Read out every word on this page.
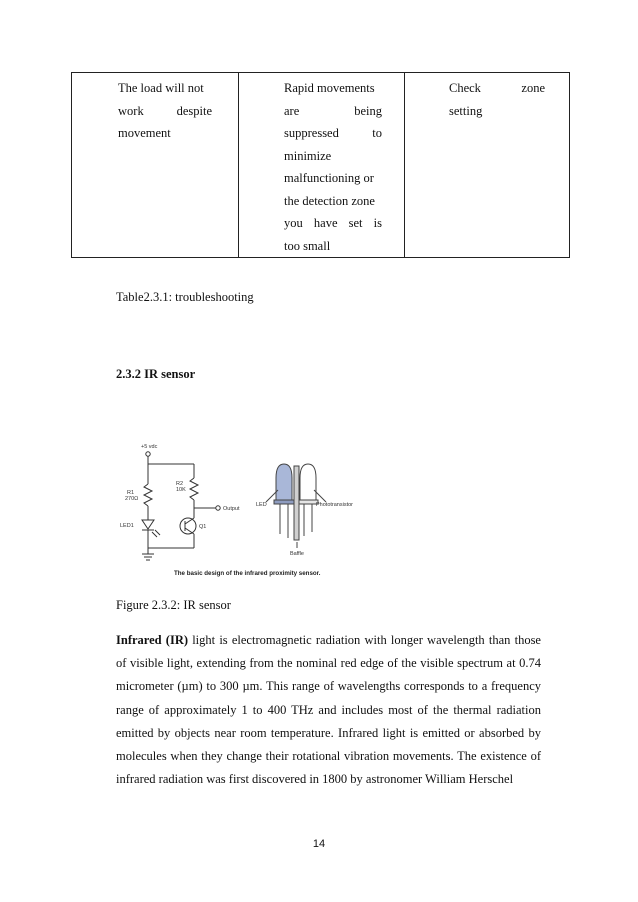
The load will not
work despite
movement

Rapid movements
are being
suppressed to
minimize
malfunctioning or
the detection zone
you have set is
too small

Check zone
setting
Table2.3.1: troubleshooting
2.3.2 IR sensor
+5 vdc
R1
270Ω
R2
10K
Output
LED1	Q1
LED	Phototransistor
Baffle
The basic design of the infrared proximity sensor.
Figure 2.3.2: IR sensor
Infrared (IR) light is electromagnetic radiation with longer wavelength than those of visible light, extending from the nominal red edge of the visible spectrum at 0.74 micrometer (µm) to 300 µm. This range of wavelengths corresponds to a frequency range of approximately 1 to 400 THz and includes most of the thermal radiation emitted by objects near room temperature. Infrared light is emitted or absorbed by molecules when they change their rotational vibration movements. The existence of infrared radiation was first discovered in 1800 by astronomer William Herschel
14
